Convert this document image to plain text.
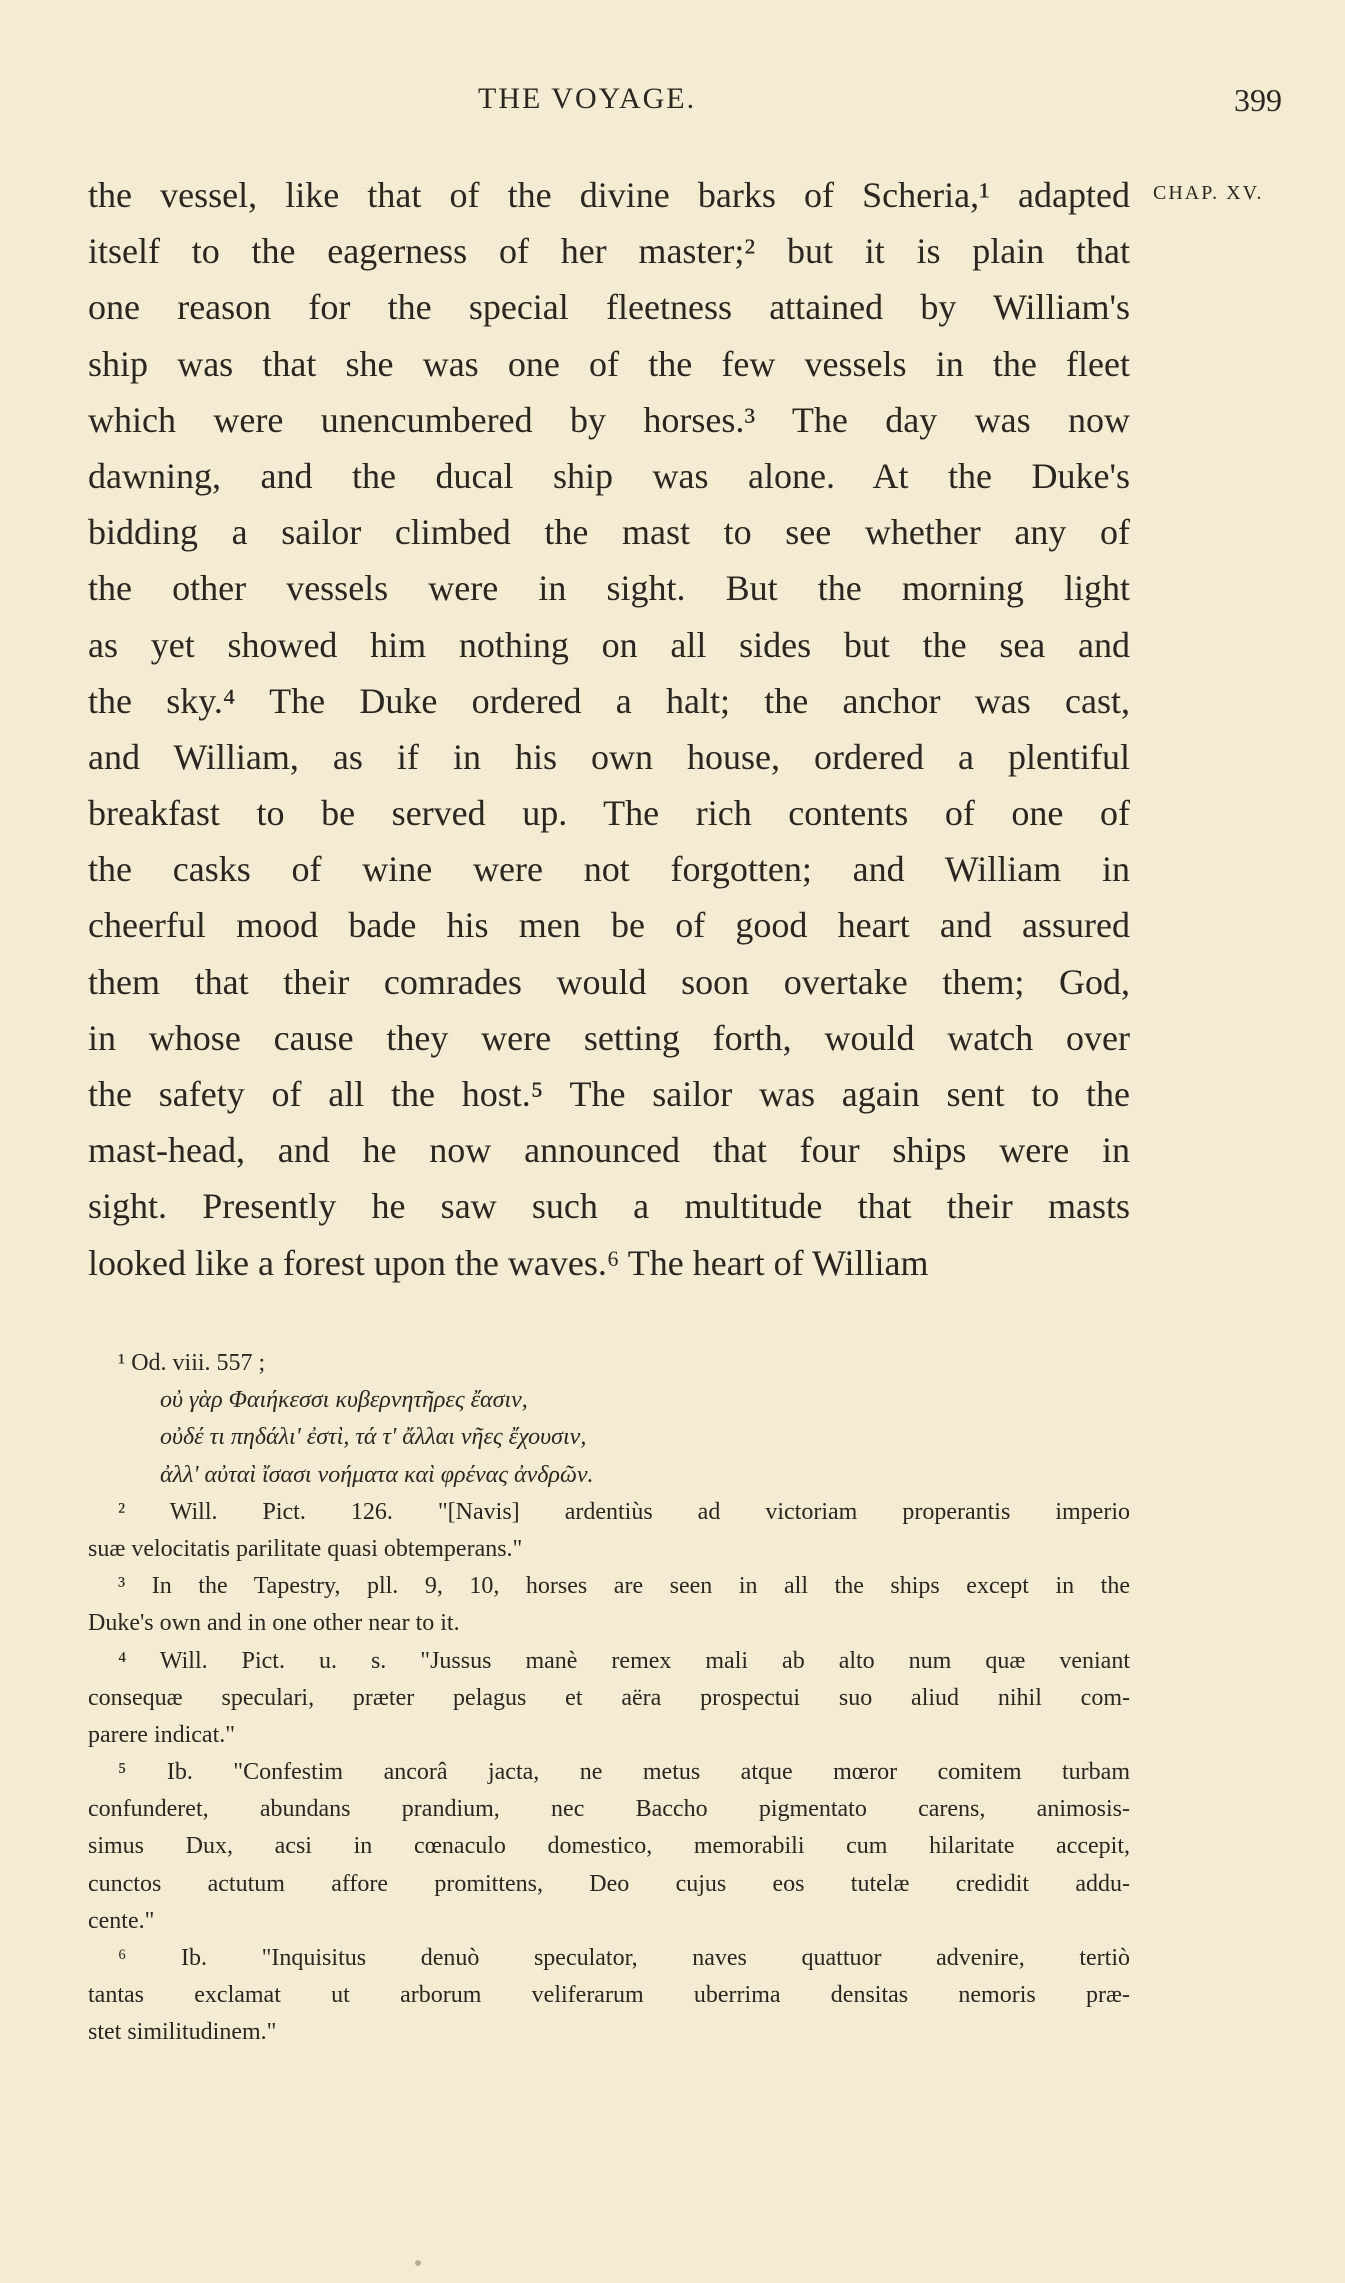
THE VOYAGE.	399
CHAP. XV.
the vessel, like that of the divine barks of Scheria,¹ adapted
itself to the eagerness of her master;² but it is plain that
one reason for the special fleetness attained by William's
ship was that she was one of the few vessels in the fleet
which were unencumbered by horses.³ The day was now
dawning, and the ducal ship was alone. At the Duke's
bidding a sailor climbed the mast to see whether any of
the other vessels were in sight. But the morning light
as yet showed him nothing on all sides but the sea and
the sky.⁴ The Duke ordered a halt; the anchor was cast,
and William, as if in his own house, ordered a plentiful
breakfast to be served up. The rich contents of one of
the casks of wine were not forgotten; and William in
cheerful mood bade his men be of good heart and assured
them that their comrades would soon overtake them; God,
in whose cause they were setting forth, would watch over
the safety of all the host.⁵ The sailor was again sent to the
mast-head, and he now announced that four ships were in
sight. Presently he saw such a multitude that their masts
looked like a forest upon the waves.⁶ The heart of William
¹ Od. viii. 557 ;
οὐ γὰρ Φαιήκεσσι κυβερνητῆρες ἔασιν,
οὐδέ τι πηδάλι' ἐστὶ, τά τ' ἄλλαι νῆες ἔχουσιν,
ἀλλ' αὐταὶ ἴσασι νοήματα καὶ φρένας ἀνδρῶν.
² Will. Pict. 126. "[Navis] ardentiùs ad victoriam properantis imperio
suæ velocitatis parilitate quasi obtemperans."
³ In the Tapestry, pll. 9, 10, horses are seen in all the ships except in the
Duke's own and in one other near to it.
⁴ Will. Pict. u. s. "Jussus manè remex mali ab alto num quæ veniant
consequæ speculari, præter pelagus et aëra prospectui suo aliud nihil com-
parere indicat."
⁵ Ib. "Confestim ancorâ jacta, ne metus atque mœror comitem turbam
confunderet, abundans prandium, nec Baccho pigmentato carens, animosis-
simus Dux, acsi in cœnaculo domestico, memorabili cum hilaritate accepit,
cunctos actutum affore promittens, Deo cujus eos tutelæ credidit addu-
cente."
⁶ Ib. "Inquisitus denuò speculator, naves quattuor advenire, tertiò
tantas exclamat ut arborum veliferarum uberrima densitas nemoris præ-
stet similitudinem."
